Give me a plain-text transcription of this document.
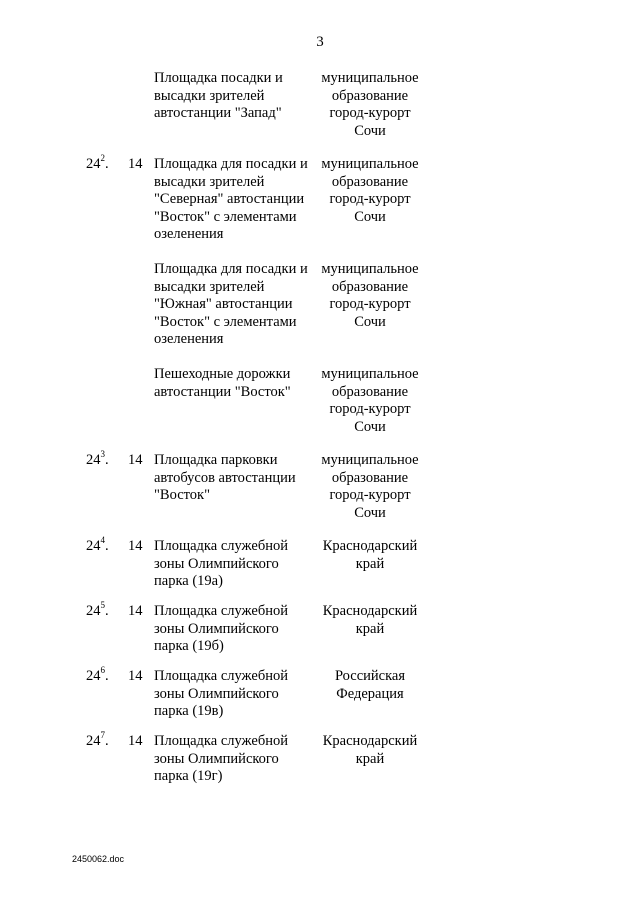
3
Площадка посадки и
высадки зрителей
автостанции "Запад"
муниципальное
образование
город-курорт
Сочи
$24^2$. 14 Площадка для посадки и
высадки зрителей
"Северная" автостанции
"Восток" с элементами
озеленения
муниципальное
образование
город-курорт
Сочи
Площадка для посадки и
высадки зрителей
"Южная" автостанции
"Восток" с элементами
озеленения
муниципальное
образование
город-курорт
Сочи
Пешеходные дорожки
автостанции "Восток"
муниципальное
образование
город-курорт
Сочи
$24^3$. 14 Площадка парковки
автобусов автостанции
"Восток"
муниципальное
образование
город-курорт
Сочи
$24^4$. 14 Площадка служебной
зоны Олимпийского
парка (19а)
Краснодарский
край
$24^5$. 14 Площадка служебной
зоны Олимпийского
парка (19б)
Краснодарский
край
$24^6$. 14 Площадка служебной
зоны Олимпийского
парка (19в)
Российская
Федерация
$24^7$. 14 Площадка служебной
зоны Олимпийского
парка (19г)
Краснодарский
край
2450062.doc
